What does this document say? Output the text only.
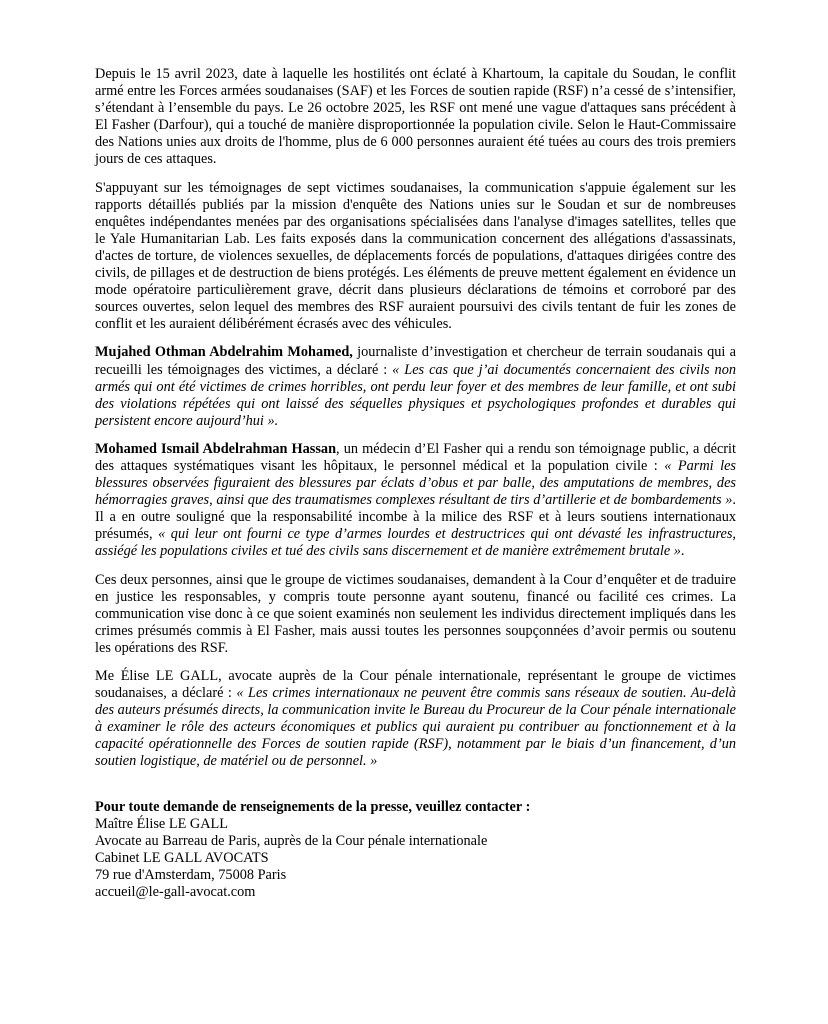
Depuis le 15 avril 2023, date à laquelle les hostilités ont éclaté à Khartoum, la capitale du Soudan, le conflit armé entre les Forces armées soudanaises (SAF) et les Forces de soutien rapide (RSF) n’a cessé de s’intensifier, s’étendant à l’ensemble du pays. Le 26 octobre 2025, les RSF ont mené une vague d'attaques sans précédent à El Fasher (Darfour), qui a touché de manière disproportionnée la population civile. Selon le Haut-Commissaire des Nations unies aux droits de l'homme, plus de 6 000 personnes auraient été tuées au cours des trois premiers jours de ces attaques.

S'appuyant sur les témoignages de sept victimes soudanaises, la communication s'appuie également sur les rapports détaillés publiés par la mission d'enquête des Nations unies sur le Soudan et sur de nombreuses enquêtes indépendantes menées par des organisations spécialisées dans l'analyse d'images satellites, telles que le Yale Humanitarian Lab. Les faits exposés dans la communication concernent des allégations d'assassinats, d'actes de torture, de violences sexuelles, de déplacements forcés de populations, d'attaques dirigées contre des civils, de pillages et de destruction de biens protégés. Les éléments de preuve mettent également en évidence un mode opératoire particulièrement grave, décrit dans plusieurs déclarations de témoins et corroboré par des sources ouvertes, selon lequel des membres des RSF auraient poursuivi des civils tentant de fuir les zones de conflit et les auraient délibérément écrasés avec des véhicules.

Mujahed Othman Abdelrahim Mohamed, journaliste d’investigation et chercheur de terrain soudanais qui a recueilli les témoignages des victimes, a déclaré : « Les cas que j’ai documentés concernaient des civils non armés qui ont été victimes de crimes horribles, ont perdu leur foyer et des membres de leur famille, et ont subi des violations répétées qui ont laissé des séquelles physiques et psychologiques profondes et durables qui persistent encore aujourd’hui ».

Mohamed Ismail Abdelrahman Hassan, un médecin d’El Fasher qui a rendu son témoignage public, a décrit des attaques systématiques visant les hôpitaux, le personnel médical et la population civile : « Parmi les blessures observées figuraient des blessures par éclats d’obus et par balle, des amputations de membres, des hémorragies graves, ainsi que des traumatismes complexes résultant de tirs d’artillerie et de bombardements ». Il a en outre souligné que la responsabilité incombe à la milice des RSF et à leurs soutiens internationaux présumés, « qui leur ont fourni ce type d’armes lourdes et destructrices qui ont dévasté les infrastructures, assiégé les populations civiles et tué des civils sans discernement et de manière extrêmement brutale ».

Ces deux personnes, ainsi que le groupe de victimes soudanaises, demandent à la Cour d’enquêter et de traduire en justice les responsables, y compris toute personne ayant soutenu, financé ou facilité ces crimes. La communication vise donc à ce que soient examinés non seulement les individus directement impliqués dans les crimes présumés commis à El Fasher, mais aussi toutes les personnes soupçonnées d’avoir permis ou soutenu les opérations des RSF.

Me Élise LE GALL, avocate auprès de la Cour pénale internationale, représentant le groupe de victimes soudanaises, a déclaré : « Les crimes internationaux ne peuvent être commis sans réseaux de soutien. Au-delà des auteurs présumés directs, la communication invite le Bureau du Procureur de la Cour pénale internationale à examiner le rôle des acteurs économiques et publics qui auraient pu contribuer au fonctionnement et à la capacité opérationnelle des Forces de soutien rapide (RSF), notamment par le biais d’un financement, d’un soutien logistique, de matériel ou de personnel. »

Pour toute demande de renseignements de la presse, veuillez contacter :
Maître Élise LE GALL
Avocate au Barreau de Paris, auprès de la Cour pénale internationale
Cabinet LE GALL AVOCATS
79 rue d'Amsterdam, 75008 Paris
accueil@le-gall-avocat.com
